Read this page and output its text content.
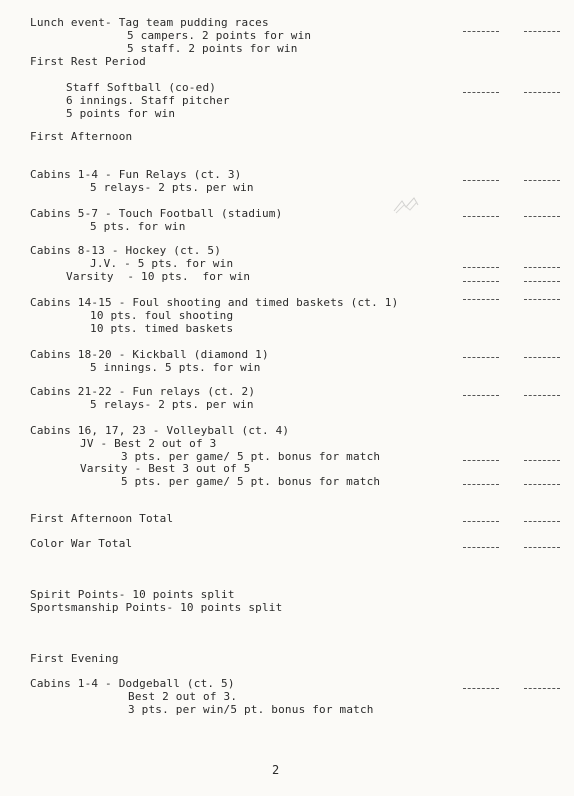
Lunch event- Tag team pudding races
5 campers. 2 points for win
5 staff. 2 points for win
First Rest Period
Staff Softball (co-ed)
6 innings. Staff pitcher
5 points for win
First Afternoon
Cabins 1-4 - Fun Relays (ct. 3)
5 relays- 2 pts. per win
Cabins 5-7 - Touch Football (stadium)
5 pts. for win
Cabins 8-13 - Hockey (ct. 5)
J.V. - 5 pts. for win
Varsity  - 10 pts.  for win
Cabins 14-15 - Foul shooting and timed baskets (ct. 1)
10 pts. foul shooting
10 pts. timed baskets
Cabins 18-20 - Kickball (diamond 1)
5 innings. 5 pts. for win
Cabins 21-22 - Fun relays (ct. 2)
5 relays- 2 pts. per win
Cabins 16, 17, 23 - Volleyball (ct. 4)
JV - Best 2 out of 3
3 pts. per game/ 5 pt. bonus for match
Varsity - Best 3 out of 5
5 pts. per game/ 5 pt. bonus for match
First Afternoon Total
Color War Total
Spirit Points- 10 points split
Sportsmanship Points- 10 points split
First Evening
Cabins 1-4 - Dodgeball (ct. 5)
Best 2 out of 3.
3 pts. per win/5 pt. bonus for match
2
